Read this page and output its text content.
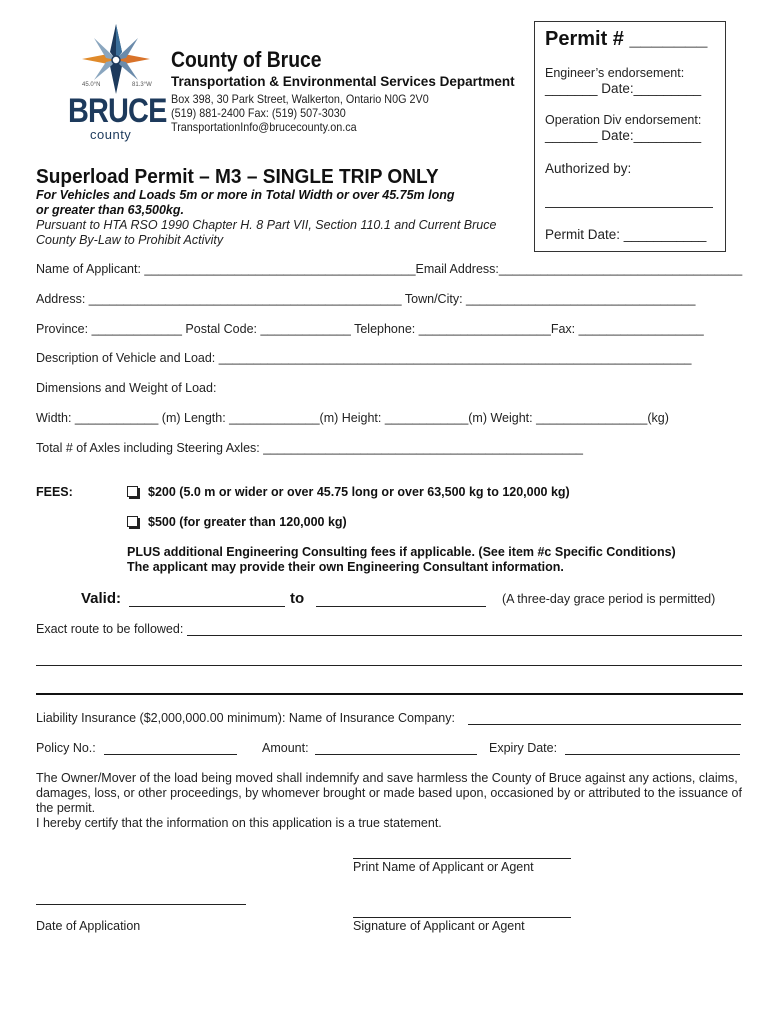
45.0°N	81.3°W
BRUCE
county
County of Bruce
Transportation & Environmental Services Department
Box 398, 30 Park Street, Walkerton, Ontario N0G 2V0
(519) 881-2400 Fax: (519) 507-3030
TransportationInfo@brucecounty.on.ca
Permit # _______
Engineer’s endorsement:
_______ Date:_________
Operation Div endorsement:
_______ Date:_________
Authorized by:
Permit Date: ___________
Superload Permit – M3 – SINGLE TRIP ONLY
For Vehicles and Loads 5m or more in Total Width or over 45.75m long
or greater than 63,500kg.
Pursuant to HTA RSO 1990 Chapter H. 8 Part VII, Section 110.1 and Current Bruce
County By-Law to Prohibit Activity
Name of Applicant: _______________________________________Email Address:___________________________________
Address: _____________________________________________ Town/City: _________________________________
Province: _____________ Postal Code: _____________ Telephone: ___________________Fax: __________________
Description of Vehicle and Load: ____________________________________________________________________
Dimensions and Weight of Load:
Width: ____________ (m) Length: _____________(m) Height: ____________(m) Weight: ________________(kg)
Total # of Axles including Steering Axles: ______________________________________________
FEES:	$200 (5.0 m or wider or over 45.75 long or over 63,500 kg to 120,000 kg)
$500 (for greater than 120,000 kg)
PLUS additional Engineering Consulting fees if applicable. (See item #c Specific Conditions)
The applicant may provide their own Engineering Consultant information.
Valid:	to	(A three-day grace period is permitted)
Exact route to be followed:
Liability Insurance ($2,000,000.00 minimum): Name of Insurance Company:
Policy No.:	Amount:	Expiry Date:
The Owner/Mover of the load being moved shall indemnify and save harmless the County of Bruce against any actions, claims, damages, loss, or other proceedings, by whomever brought or made based upon, occasioned by or attributed to the issuance of the permit.
I hereby certify that the information on this application is a true statement.
Print Name of Applicant or Agent
Date of Application	Signature of Applicant or Agent
